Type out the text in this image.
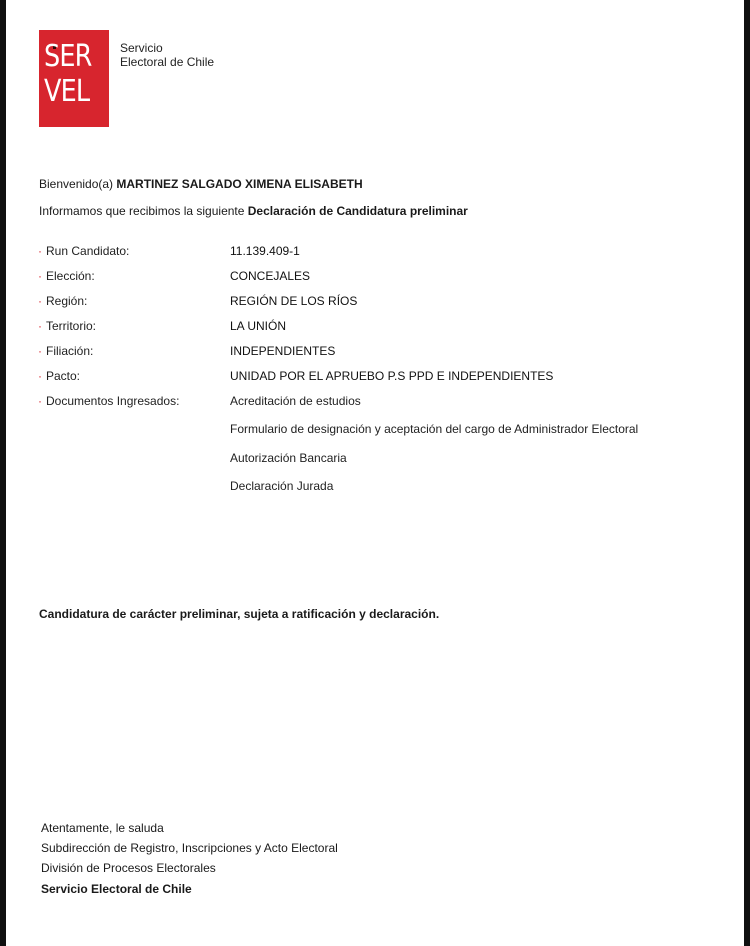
SER
VEL
Servicio
Electoral de Chile
Bienvenido(a) MARTINEZ SALGADO XIMENA ELISABETH
Informamos que recibimos la siguiente Declaración de Candidatura preliminar
· Run Candidato:	11.139.409-1
· Elección:	CONCEJALES
· Región:	REGIÓN DE LOS RÍOS
· Territorio:	LA UNIÓN
· Filiación:	INDEPENDIENTES
· Pacto:	UNIDAD POR EL APRUEBO P.S PPD E INDEPENDIENTES
· Documentos Ingresados:	Acreditación de estudios
Formulario de designación y aceptación del cargo de Administrador Electoral
Autorización Bancaria
Declaración Jurada
Candidatura de carácter preliminar, sujeta a ratificación y declaración.
Atentamente, le saluda
Subdirección de Registro, Inscripciones y Acto Electoral
División de Procesos Electorales
Servicio Electoral de Chile
